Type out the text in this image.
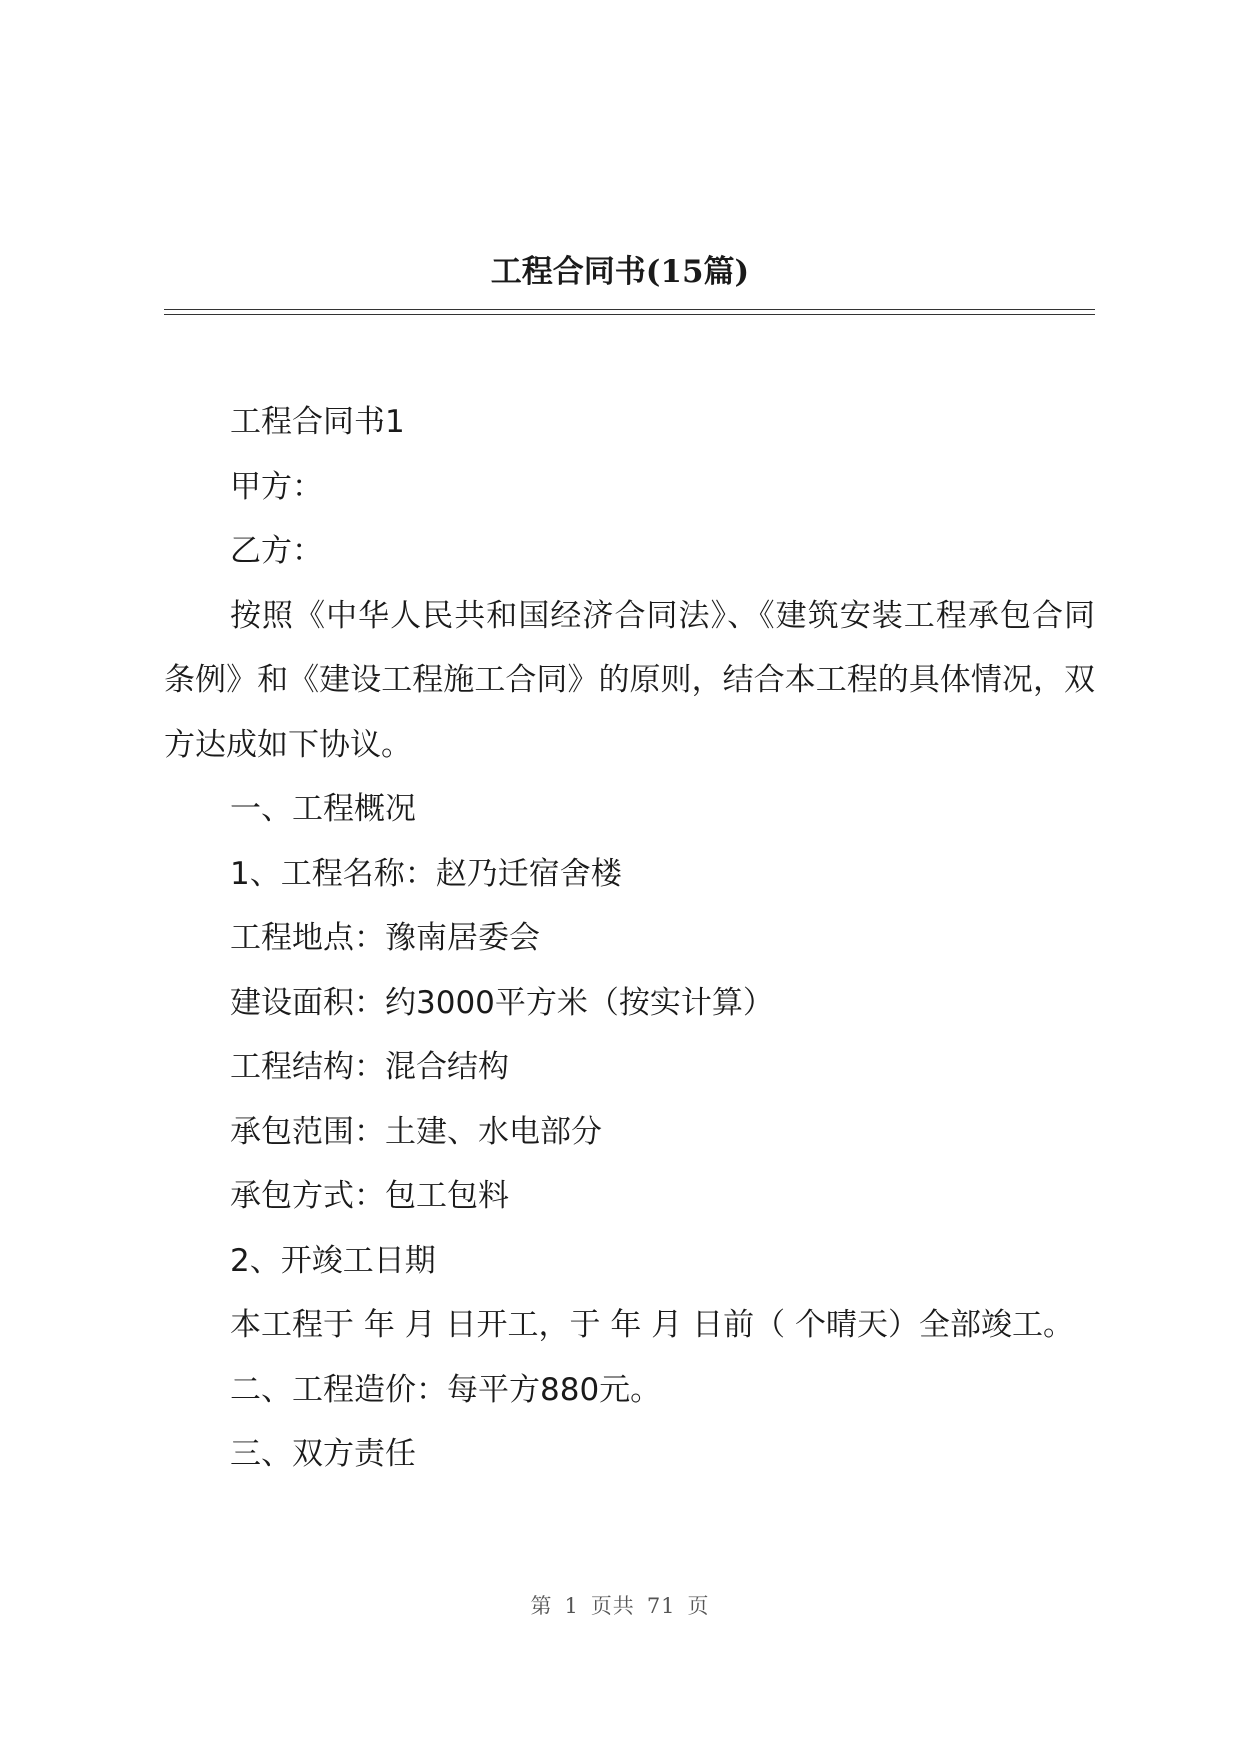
工程合同书(15篇)

工程合同书1

甲方：

乙方：

按照《中华人民共和国经济合同法》、《建筑安装工程承包合同条例》和《建设工程施工合同》的原则，结合本工程的具体情况，双方达成如下协议。

一、工程概况

1、工程名称：赵乃迁宿舍楼

工程地点：豫南居委会

建设面积：约3000平方米（按实计算）

工程结构：混合结构

承包范围：土建、水电部分

承包方式：包工包料

2、开竣工日期

本工程于 年 月 日开工，于 年 月 日前（ 个晴天）全部竣工。

二、工程造价：每平方880元。

三、双方责任

第 1 页共 71 页
